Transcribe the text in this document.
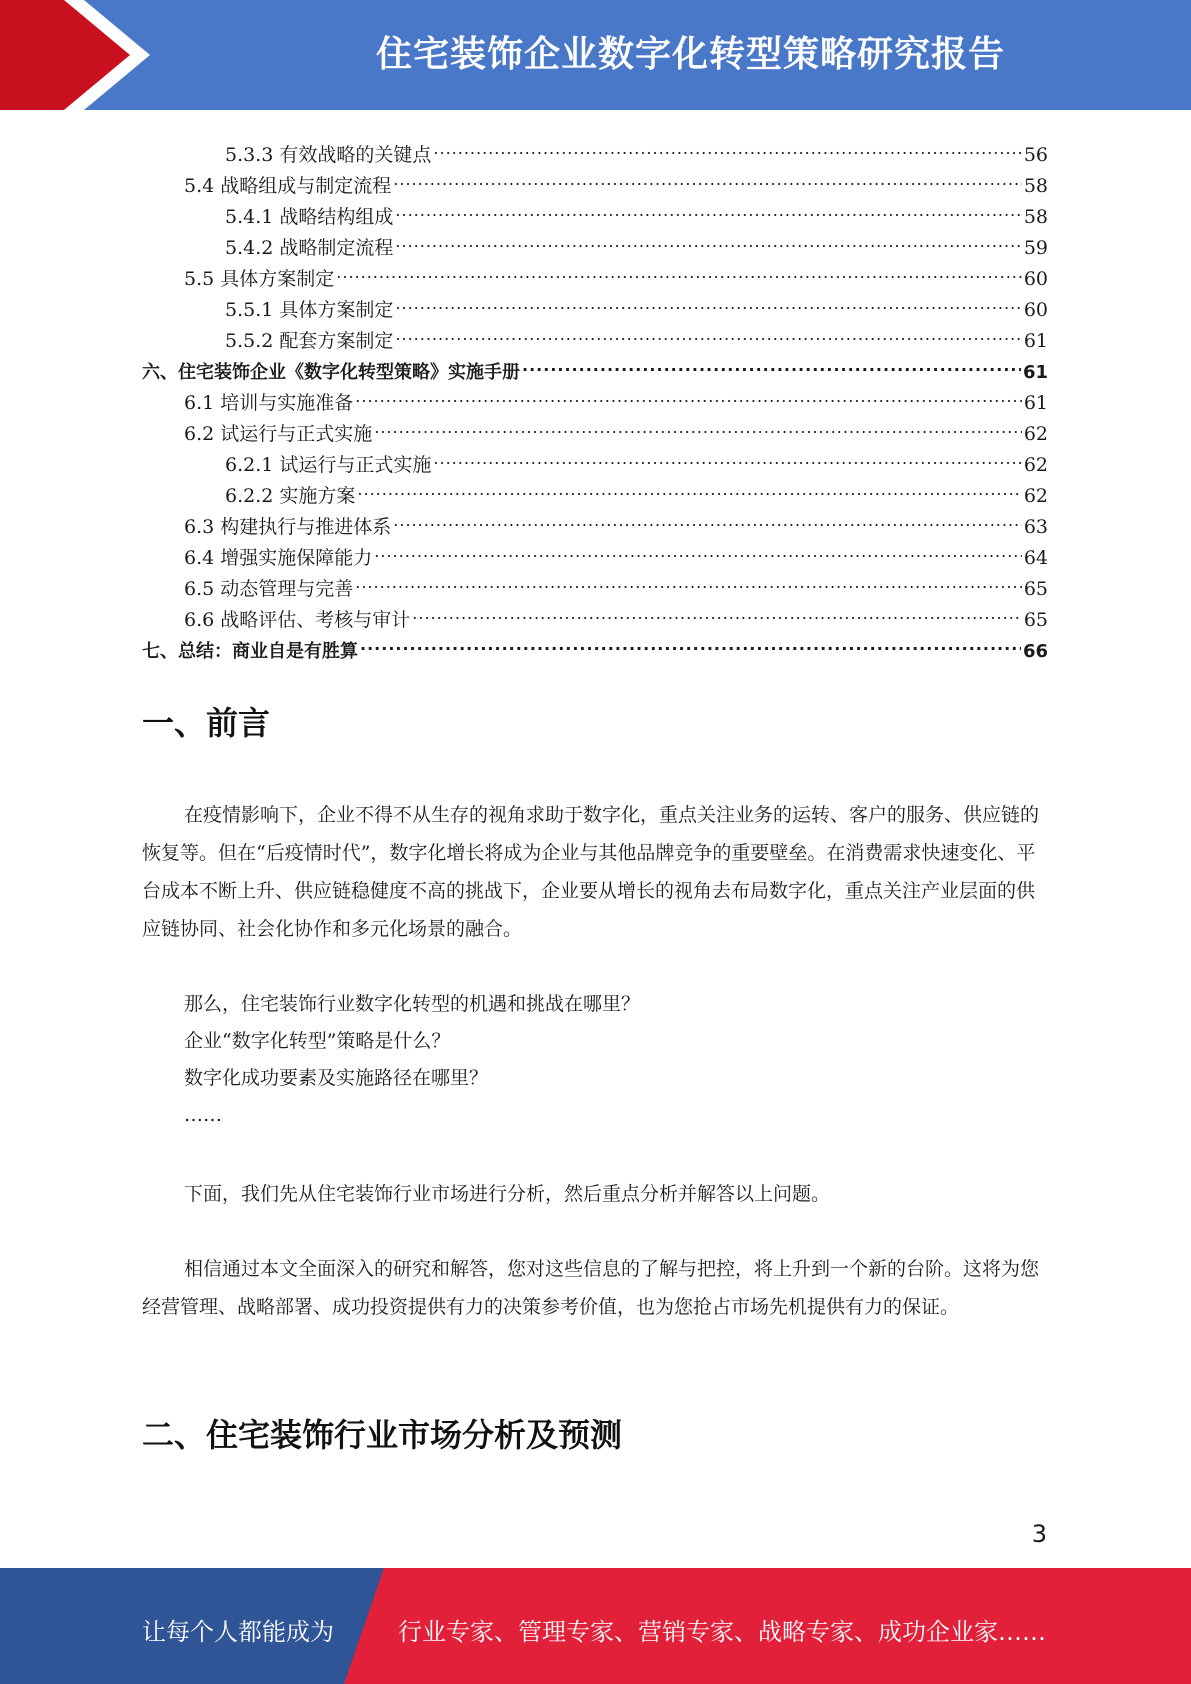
住宅装饰企业数字化转型策略研究报告
5.3.3 有效战略的关键点 .....	56
5.4 战略组成与制定流程 .....	58
5.4.1 战略结构组成 .....	58
5.4.2 战略制定流程 .....	59
5.5 具体方案制定 .....	60
5.5.1 具体方案制定 .....	60
5.5.2 配套方案制定 .....	61
六、住宅装饰企业《数字化转型策略》实施手册 .....	61
6.1 培训与实施准备 .....	61
6.2 试运行与正式实施 .....	62
6.2.1 试运行与正式实施 .....	62
6.2.2 实施方案 .....	62
6.3 构建执行与推进体系 .....	63
6.4 增强实施保障能力 .....	64
6.5 动态管理与完善 .....	65
6.6 战略评估、考核与审计 .....	65
七、总结：商业自是有胜算 .....	66
一、前言
在疫情影响下，企业不得不从生存的视角求助于数字化，重点关注业务的运转、客户的服务、供应链的恢复等。但在“后疫情时代”，数字化增长将成为企业与其他品牌竞争的重要壁垒。在消费需求快速变化、平台成本不断上升、供应链稳健度不高的挑战下，企业要从增长的视角去布局数字化，重点关注产业层面的供应链协同、社会化协作和多元化场景的融合。
那么，住宅装饰行业数字化转型的机遇和挑战在哪里？
企业“数字化转型”策略是什么？
数字化成功要素及实施路径在哪里？
……
下面，我们先从住宅装饰行业市场进行分析，然后重点分析并解答以上问题。
相信通过本文全面深入的研究和解答，您对这些信息的了解与把控，将上升到一个新的台阶。这将为您经营管理、战略部署、成功投资提供有力的决策参考价值，也为您抢占市场先机提供有力的保证。
二、住宅装饰行业市场分析及预测
3
让每个人都能成为	行业专家、管理专家、营销专家、战略专家、成功企业家……
